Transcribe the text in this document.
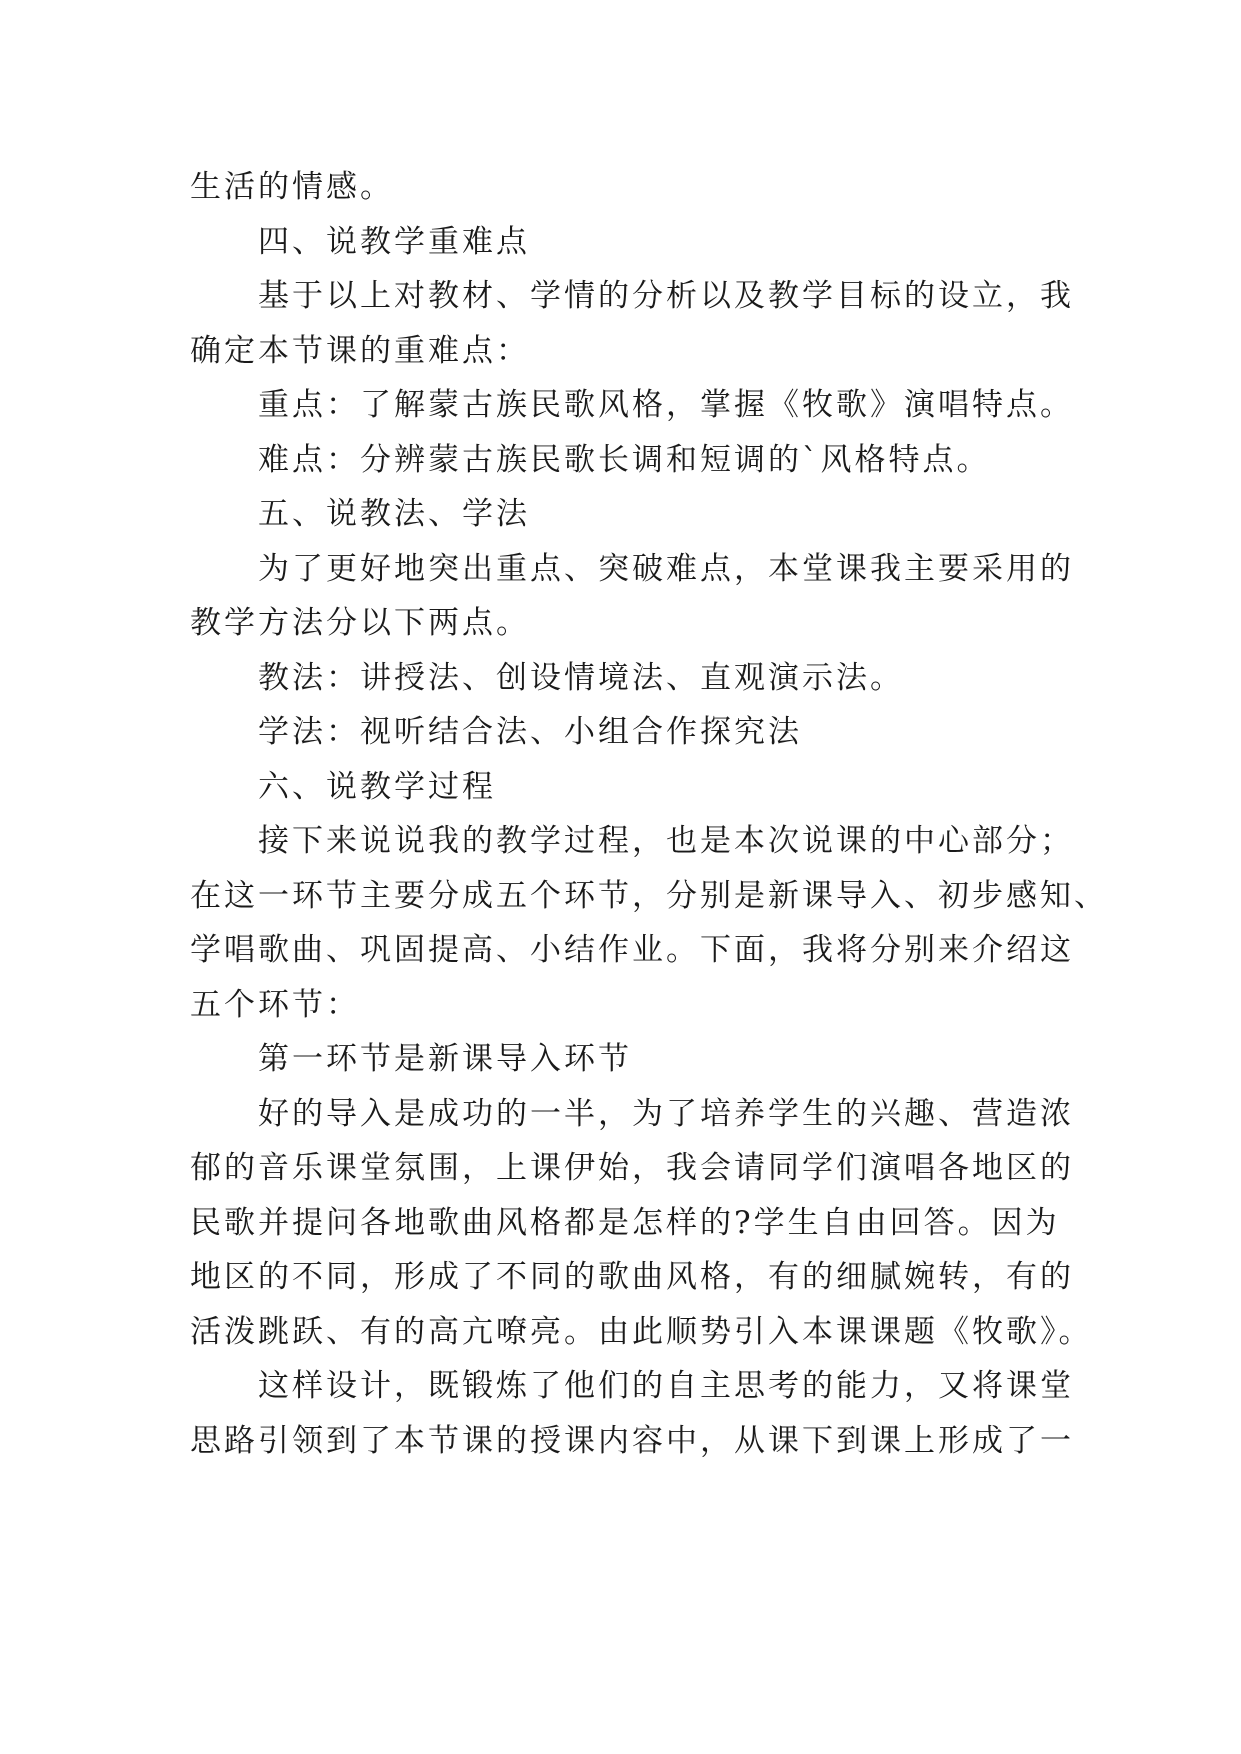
生活的情感。
四、说教学重难点
基于以上对教材、学情的分析以及教学目标的设立，我
确定本节课的重难点：
重点：了解蒙古族民歌风格，掌握《牧歌》演唱特点。
难点：分辨蒙古族民歌长调和短调的`风格特点。
五、说教法、学法
为了更好地突出重点、突破难点，本堂课我主要采用的
教学方法分以下两点。
教法：讲授法、创设情境法、直观演示法。
学法：视听结合法、小组合作探究法
六、说教学过程
接下来说说我的教学过程，也是本次说课的中心部分；
在这一环节主要分成五个环节，分别是新课导入、初步感知、
学唱歌曲、巩固提高、小结作业。下面，我将分别来介绍这
五个环节：
第一环节是新课导入环节
好的导入是成功的一半，为了培养学生的兴趣、营造浓
郁的音乐课堂氛围，上课伊始，我会请同学们演唱各地区的
民歌并提问各地歌曲风格都是怎样的?学生自由回答。因为
地区的不同，形成了不同的歌曲风格，有的细腻婉转，有的
活泼跳跃、有的高亢嘹亮。由此顺势引入本课课题《牧歌》。
这样设计，既锻炼了他们的自主思考的能力，又将课堂
思路引领到了本节课的授课内容中，从课下到课上形成了一
